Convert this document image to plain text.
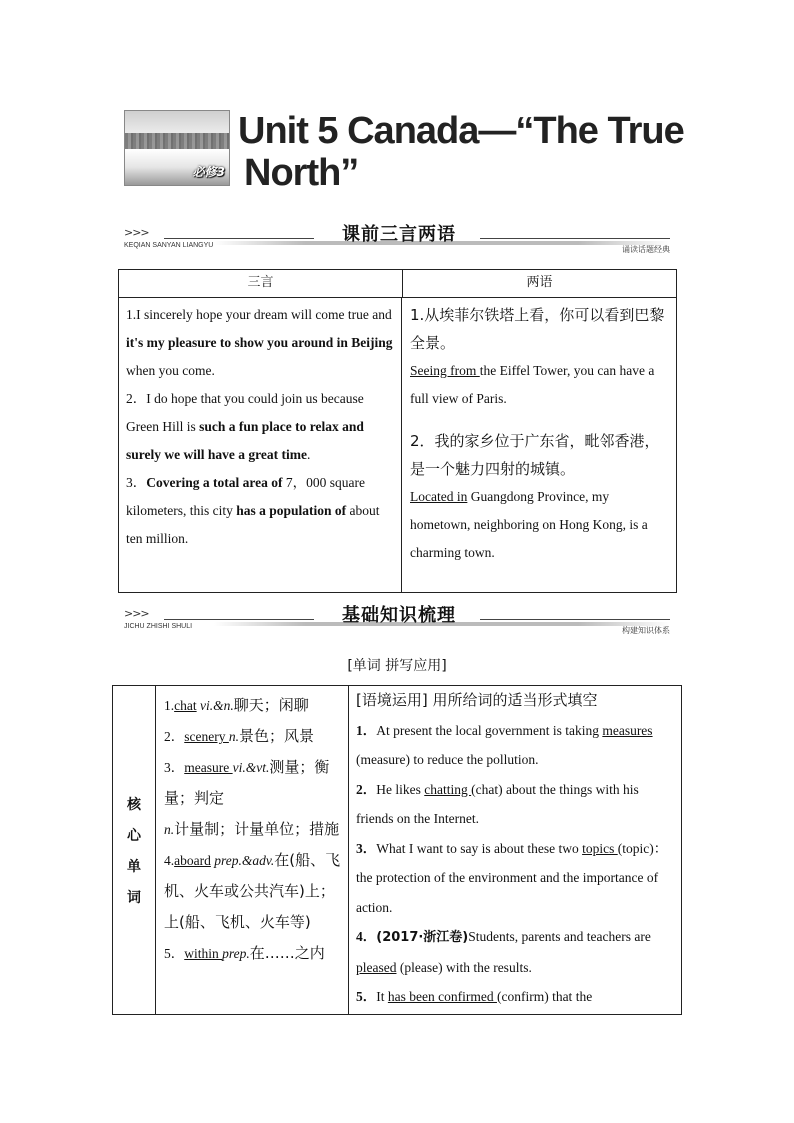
必修3
Unit 5 Canada—“The True
North”
>>>
KEQIAN SANYAN LIANGYU
课前三言两语
诵读话题经典
三言	两语
1.I sincerely hope your dream will come true and it's my pleasure to show you around in Beijing when you come.
2．I do hope that you could join us because Green Hill is such a fun place to relax and surely we will have a great time.
3．Covering a total area of 7，000 square kilometers, this city has a population of about ten million.
1.从埃菲尔铁塔上看，你可以看到巴黎全景。
Seeing from the Eiffel Tower, you can have a full view of Paris.
2．我的家乡位于广东省，毗邻香港，是一个魅力四射的城镇。
Located in Guangdong Province, my hometown, neighboring on Hong Kong, is a charming town.
>>>
JICHU ZHISHI SHULI
基础知识梳理
构建知识体系
[单词 拼写应用]
核
心
单
词
1.chat vi.&n.聊天；闲聊
2．scenery n.景色；风景
3．measure vi.&vt.测量；衡量；判定
n.计量制；计量单位；措施
4.aboard prep.&adv.在(船、飞机、火车或公共汽车)上；上(船、飞机、火车等)
5．within prep.在……之内
[语境运用] 用所给词的适当形式填空
1．At present the local government is taking measures (measure) to reduce the pollution.
2．He likes chatting (chat) about the things with his friends on the Internet.
3．What I want to say is about these two topics (topic)：the protection of the environment and the importance of action.
4．(2017·浙江卷)Students, parents and teachers are pleased (please) with the results.
5．It has been confirmed (confirm) that the
